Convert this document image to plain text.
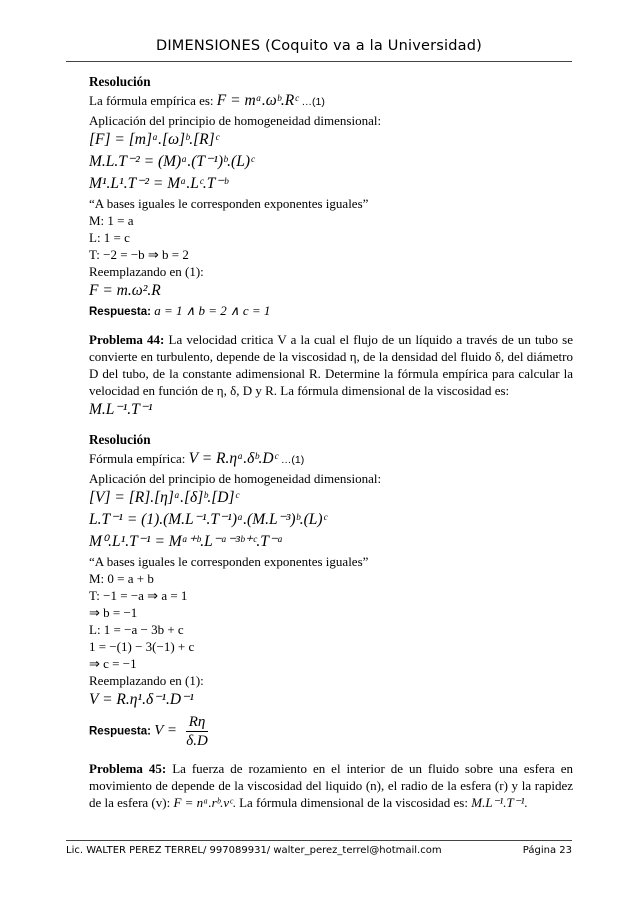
DIMENSIONES (Coquito va a la Universidad)
Resolución
La fórmula empírica es: F = mᵃ.ωᵇ.Rᶜ …(1)
Aplicación del principio de homogeneidad dimensional:
[F] = [m]ᵃ.[ω]ᵇ.[R]ᶜ
M.L.T⁻² = (M)ᵃ.(T⁻¹)ᵇ.(L)ᶜ
M¹.L¹.T⁻² = Mᵃ.Lᶜ.T⁻ᵇ
“A bases iguales le corresponden exponentes iguales”
M: 1 = a
L: 1 = c
T: −2 = −b ⇒ b = 2
Reemplazando en (1):
F = m.ω².R
Respuesta: a = 1 ∧ b = 2 ∧ c = 1
Problema 44: La velocidad critica V a la cual el flujo de un líquido a través de un tubo se convierte en turbulento, depende de la viscosidad η, de la densidad del fluido δ, del diámetro D del tubo, de la constante adimensional R. Determine la fórmula empírica para calcular la velocidad en función de η, δ, D y R. La fórmula dimensional de la viscosidad es:
M.L⁻¹.T⁻¹
Resolución
Fórmula empírica: V = R.ηᵃ.δᵇ.Dᶜ …(1)
Aplicación del principio de homogeneidad dimensional:
[V] = [R].[η]ᵃ.[δ]ᵇ.[D]ᶜ
L.T⁻¹ = (1).(M.L⁻¹.T⁻¹)ᵃ.(M.L⁻³)ᵇ.(L)ᶜ
M⁰.L¹.T⁻¹ = Mᵃ⁺ᵇ.L⁻ᵃ⁻³ᵇ⁺ᶜ.T⁻ᵃ
“A bases iguales le corresponden exponentes iguales”
M: 0 = a + b
T: −1 = −a ⇒ a = 1
⇒ b = −1
L: 1 = −a − 3b + c
1 = −(1) − 3(−1) + c
⇒ c = −1
Reemplazando en (1):
V = R.η¹.δ⁻¹.D⁻¹
Respuesta: $V = \frac{R\eta}{\delta.D}$
Problema 45: La fuerza de rozamiento en el interior de un fluido sobre una esfera en movimiento de depende de la viscosidad del liquido (n), el radio de la esfera (r) y la rapidez de la esfera (v): F = nᵃ.rᵇ.vᶜ. La fórmula dimensional de la viscosidad es: M.L⁻¹.T⁻¹.
Lic. WALTER PEREZ TERREL/ 997089931/ walter_perez_terrel@hotmail.com	Página 23
